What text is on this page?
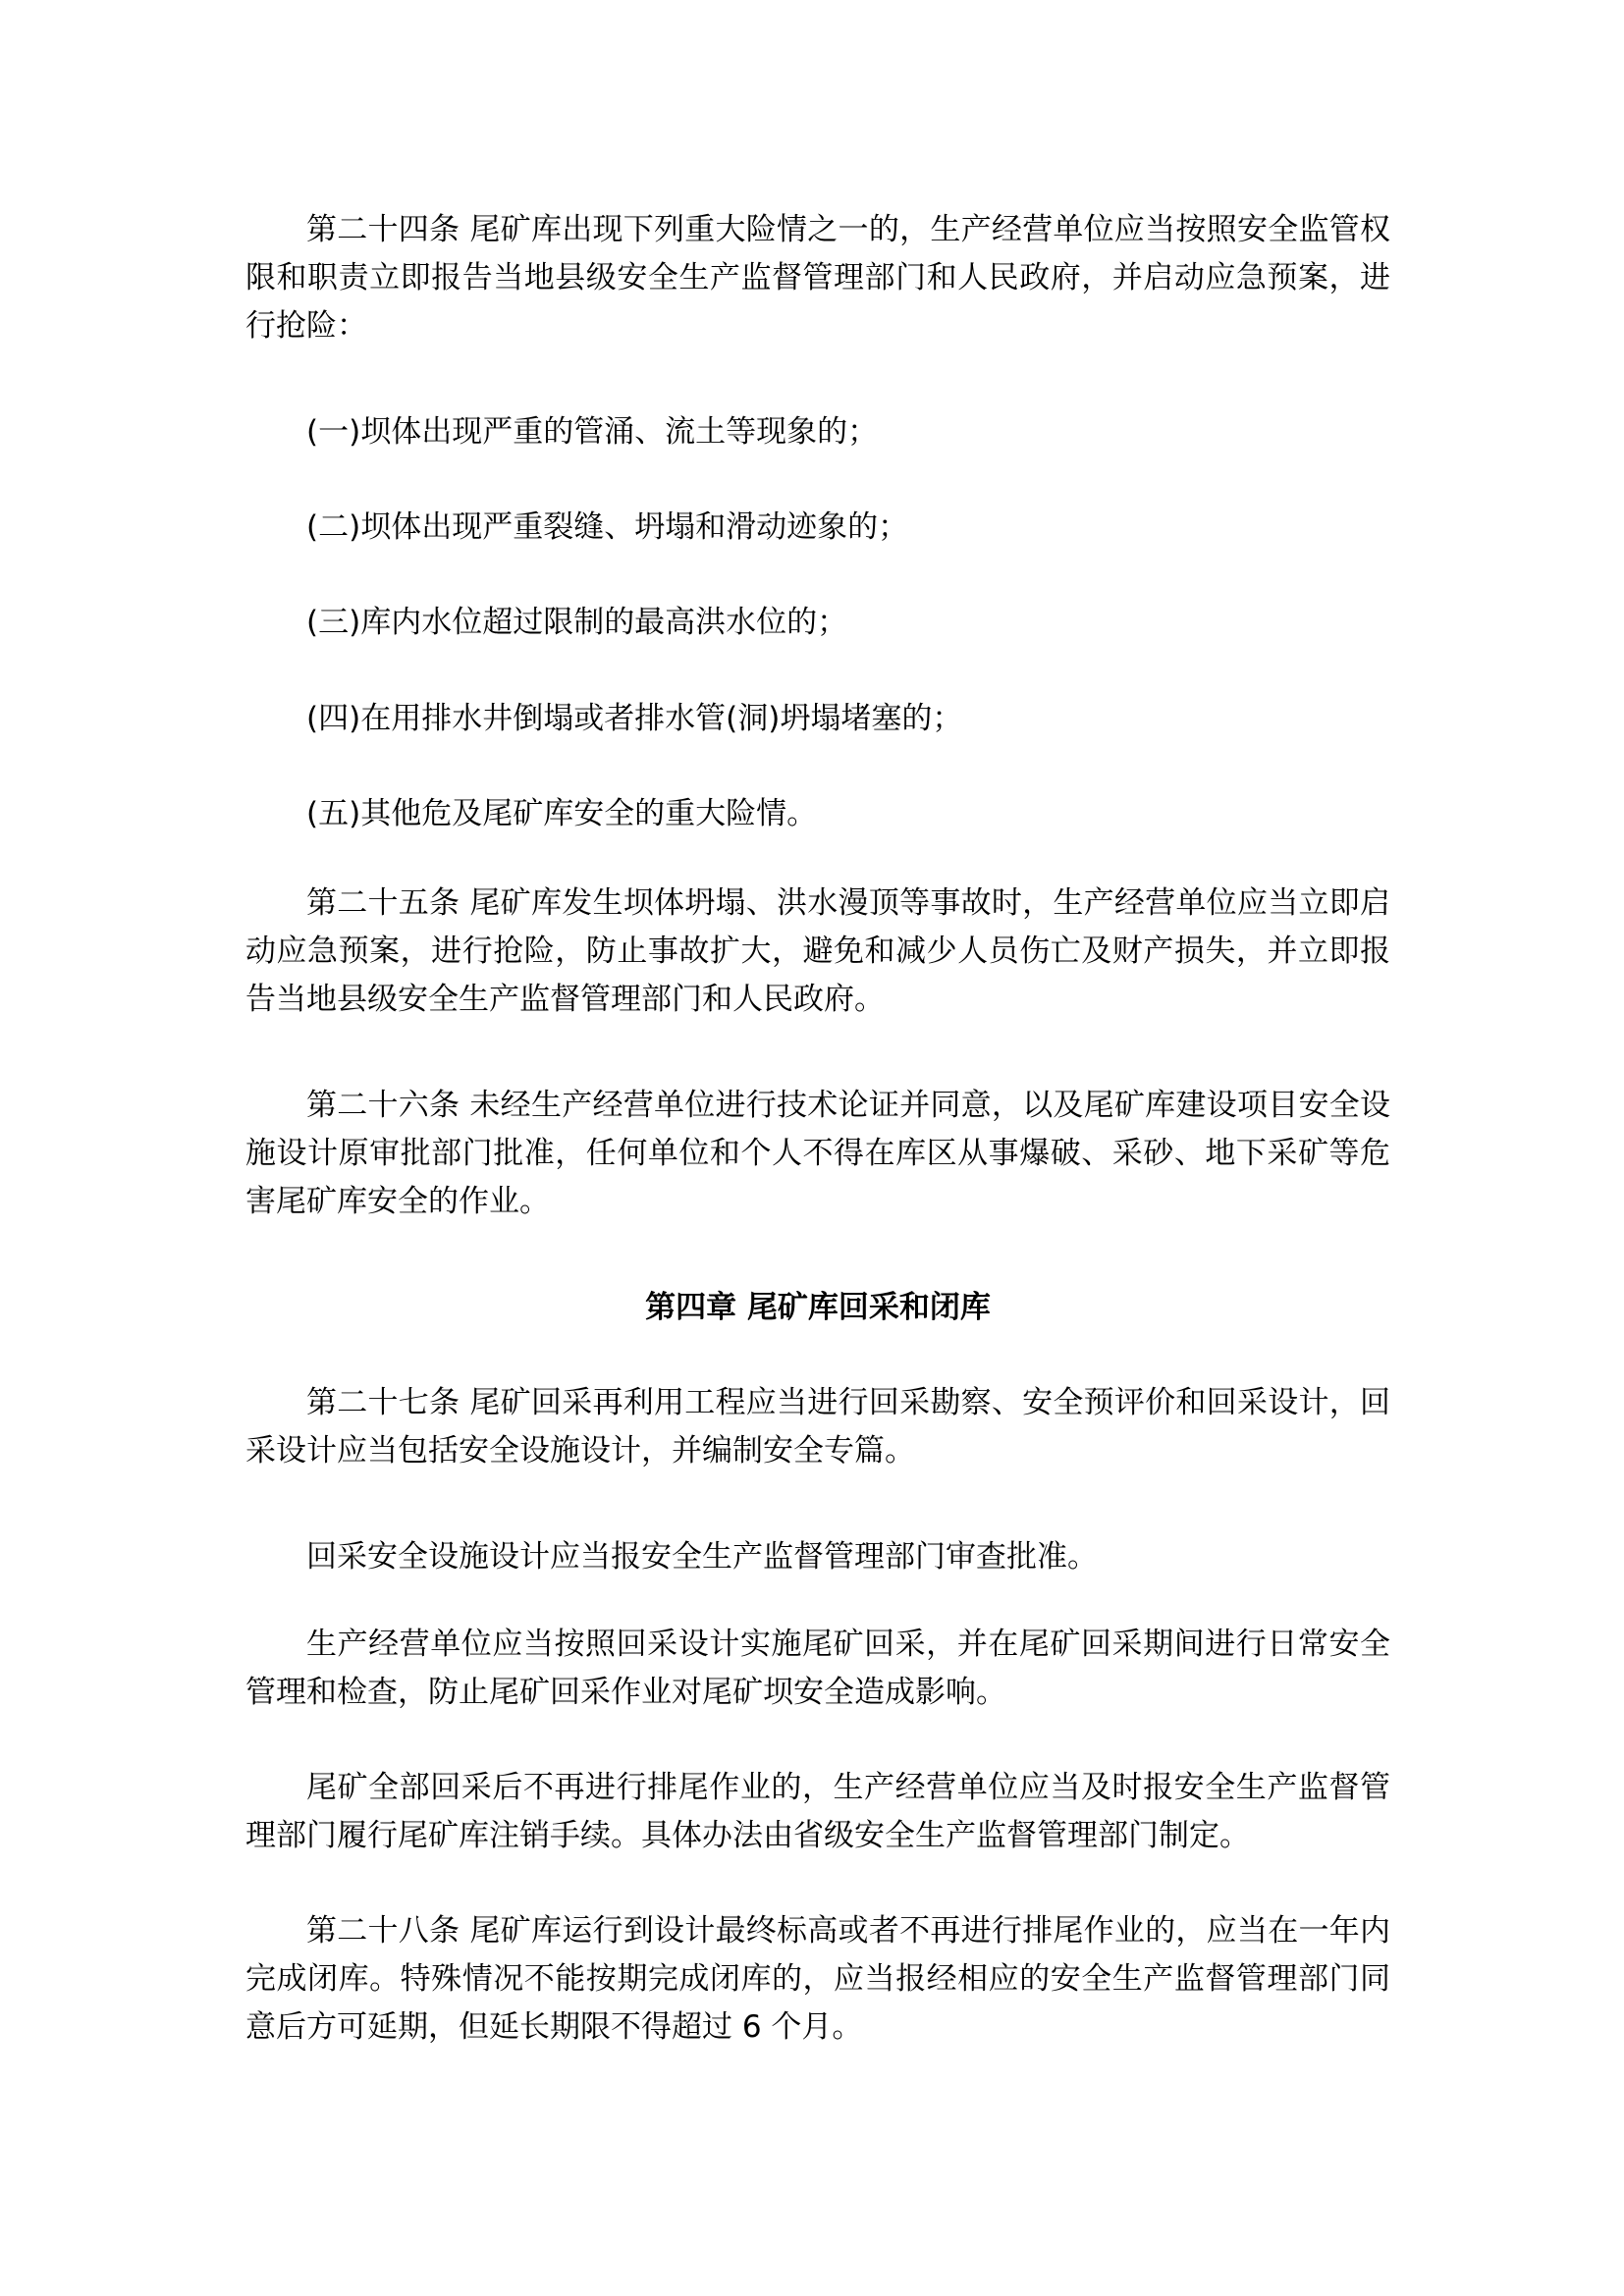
第二十四条 尾矿库出现下列重大险情之一的，生产经营单位应当按照安全监管权限和职责立即报告当地县级安全生产监督管理部门和人民政府，并启动应急预案，进行抢险：

(一)坝体出现严重的管涌、流土等现象的；

(二)坝体出现严重裂缝、坍塌和滑动迹象的；

(三)库内水位超过限制的最高洪水位的；

(四)在用排水井倒塌或者排水管(洞)坍塌堵塞的；

(五)其他危及尾矿库安全的重大险情。

第二十五条 尾矿库发生坝体坍塌、洪水漫顶等事故时，生产经营单位应当立即启动应急预案，进行抢险，防止事故扩大，避免和减少人员伤亡及财产损失，并立即报告当地县级安全生产监督管理部门和人民政府。

第二十六条 未经生产经营单位进行技术论证并同意，以及尾矿库建设项目安全设施设计原审批部门批准，任何单位和个人不得在库区从事爆破、采砂、地下采矿等危害尾矿库安全的作业。

第四章 尾矿库回采和闭库

第二十七条 尾矿回采再利用工程应当进行回采勘察、安全预评价和回采设计，回采设计应当包括安全设施设计，并编制安全专篇。

回采安全设施设计应当报安全生产监督管理部门审查批准。

生产经营单位应当按照回采设计实施尾矿回采，并在尾矿回采期间进行日常安全管理和检查，防止尾矿回采作业对尾矿坝安全造成影响。

尾矿全部回采后不再进行排尾作业的，生产经营单位应当及时报安全生产监督管理部门履行尾矿库注销手续。具体办法由省级安全生产监督管理部门制定。

第二十八条 尾矿库运行到设计最终标高或者不再进行排尾作业的，应当在一年内完成闭库。特殊情况不能按期完成闭库的，应当报经相应的安全生产监督管理部门同意后方可延期，但延长期限不得超过 6 个月。
